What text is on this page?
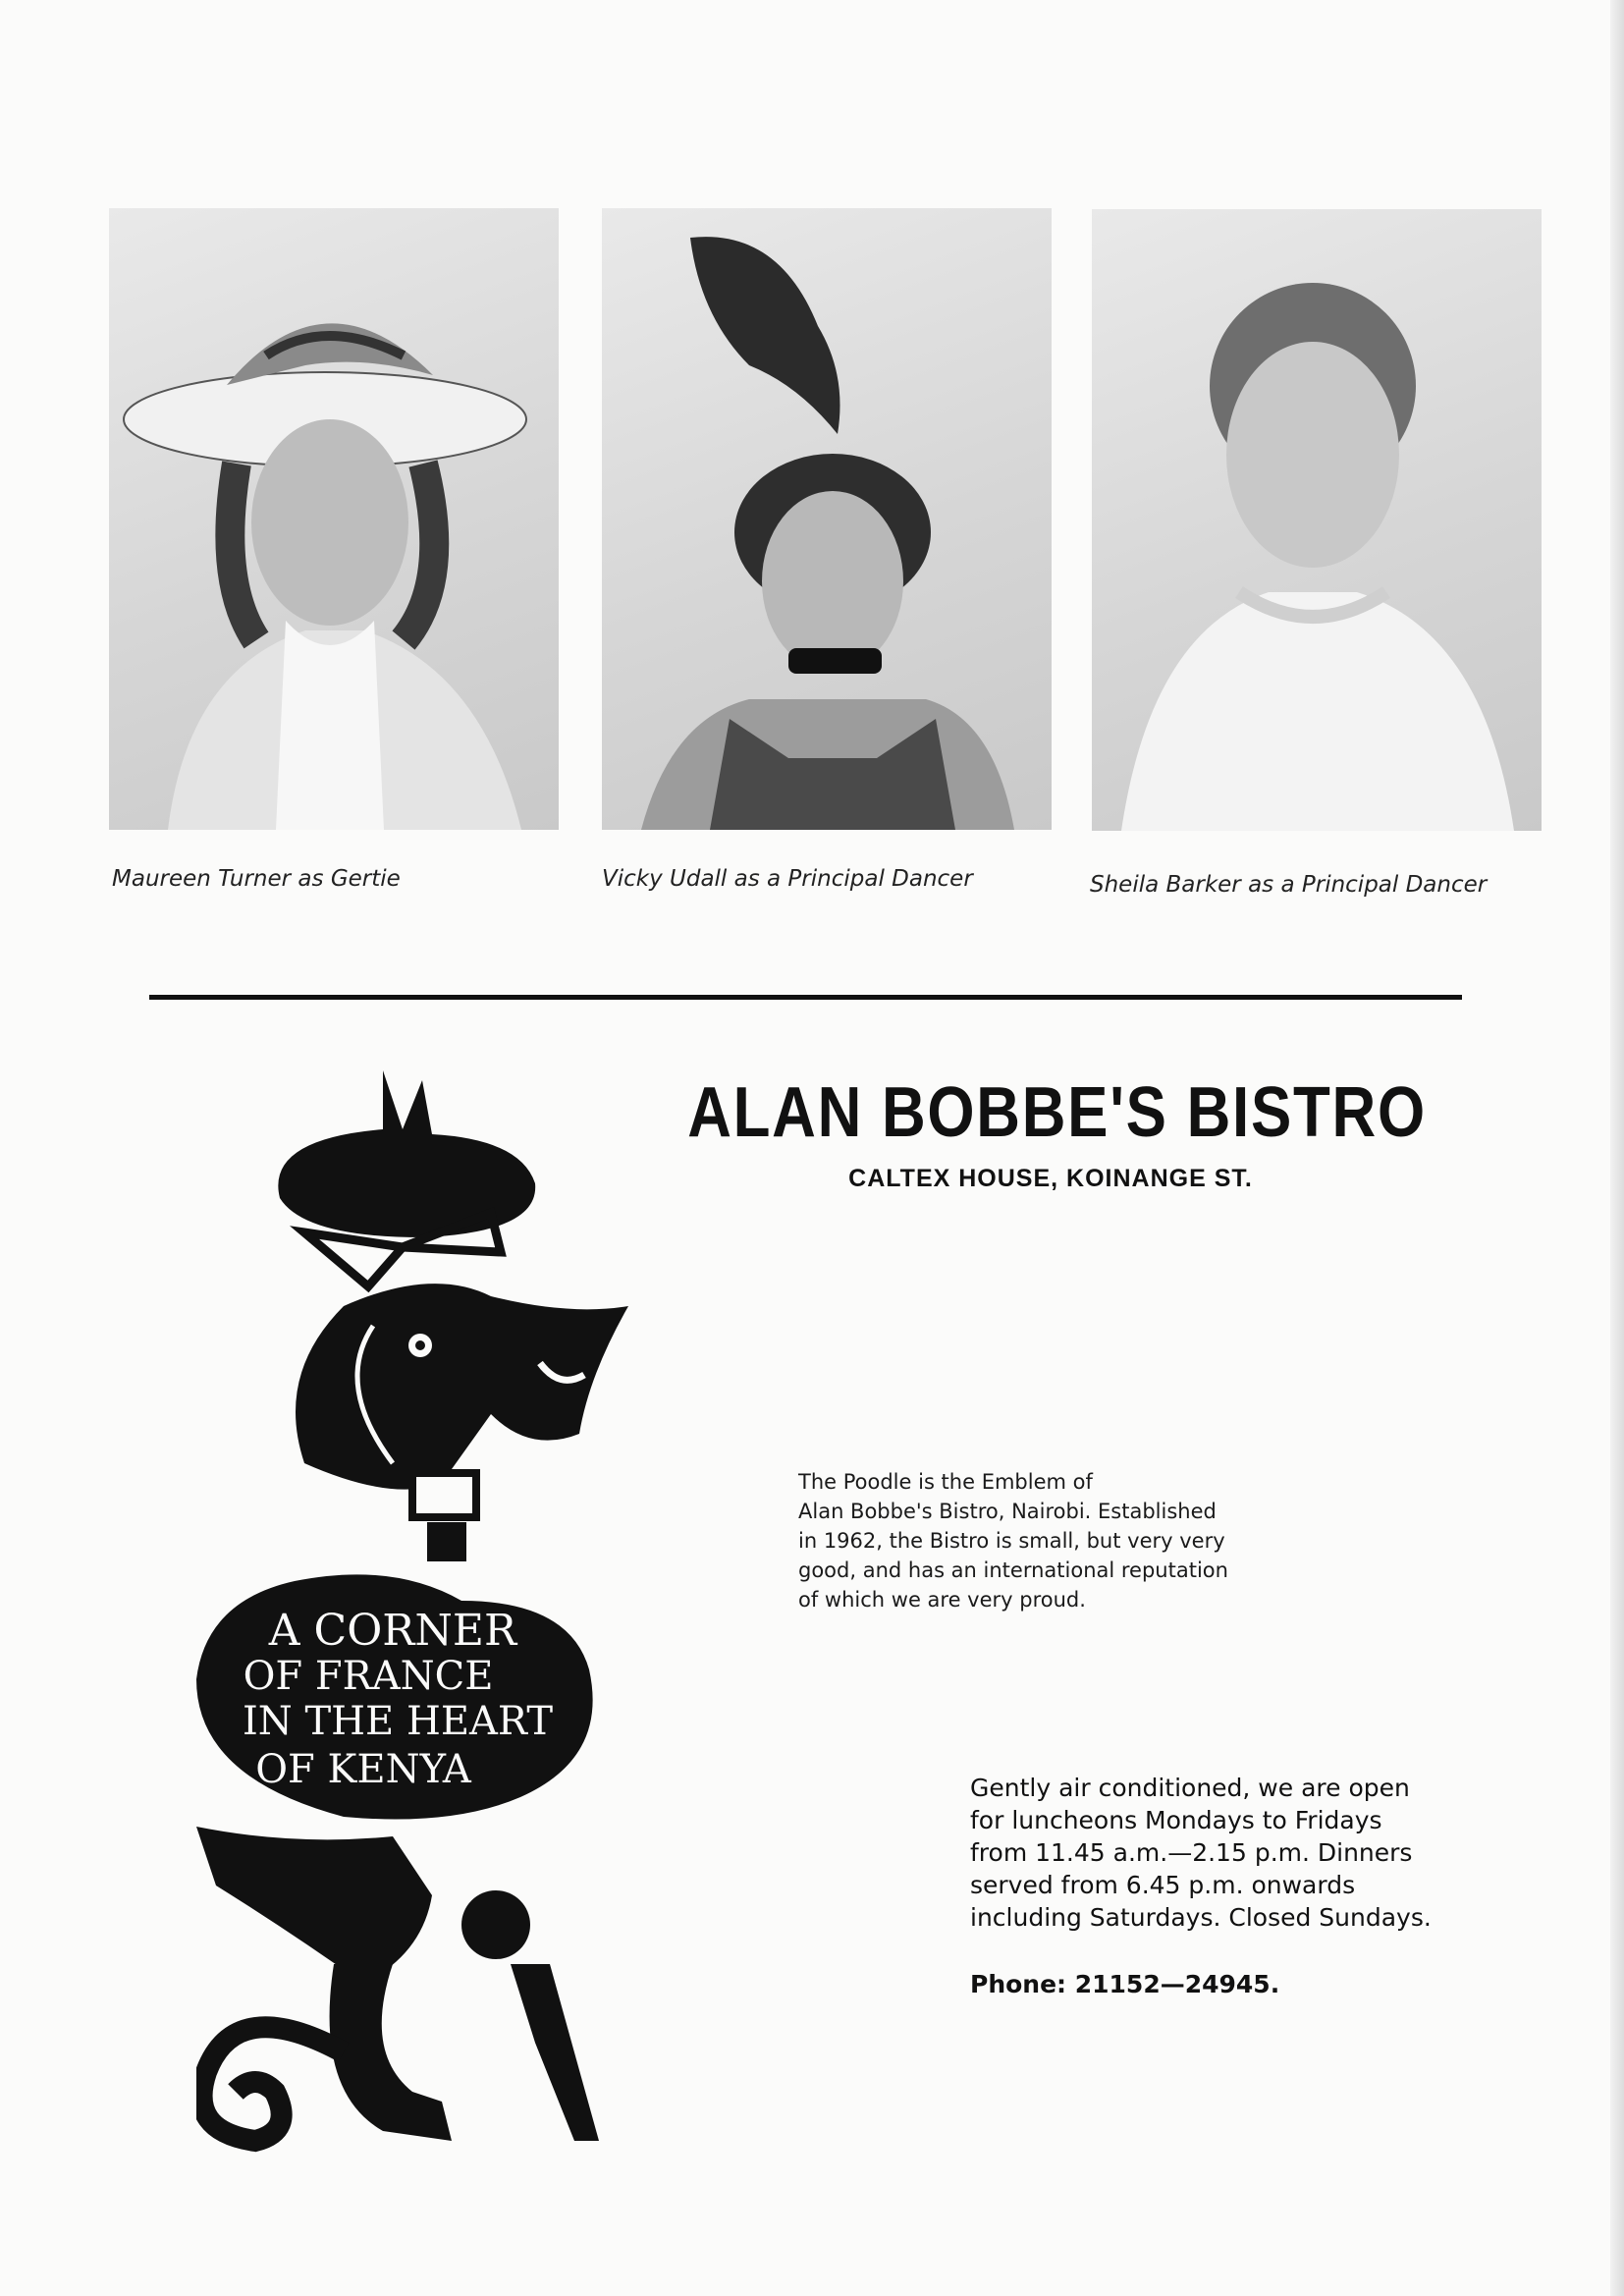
Maureen Turner as Gertie	Vicky Udall as a Principal Dancer	Sheila Barker as a Principal Dancer
A CORNER
OF FRANCE
IN THE HEART
OF KENYA
ALAN BOBBE'S BISTRO
CALTEX HOUSE, KOINANGE ST.
The Poodle is the Emblem of
Alan Bobbe's Bistro, Nairobi. Established
in 1962, the Bistro is small, but very very
good, and has an international reputation
of which we are very proud.
Gently air conditioned, we are open
for luncheons Mondays to Fridays
from 11.45 a.m.—2.15 p.m. Dinners
served from 6.45 p.m. onwards
including Saturdays. Closed Sundays.
Phone: 21152—24945.
